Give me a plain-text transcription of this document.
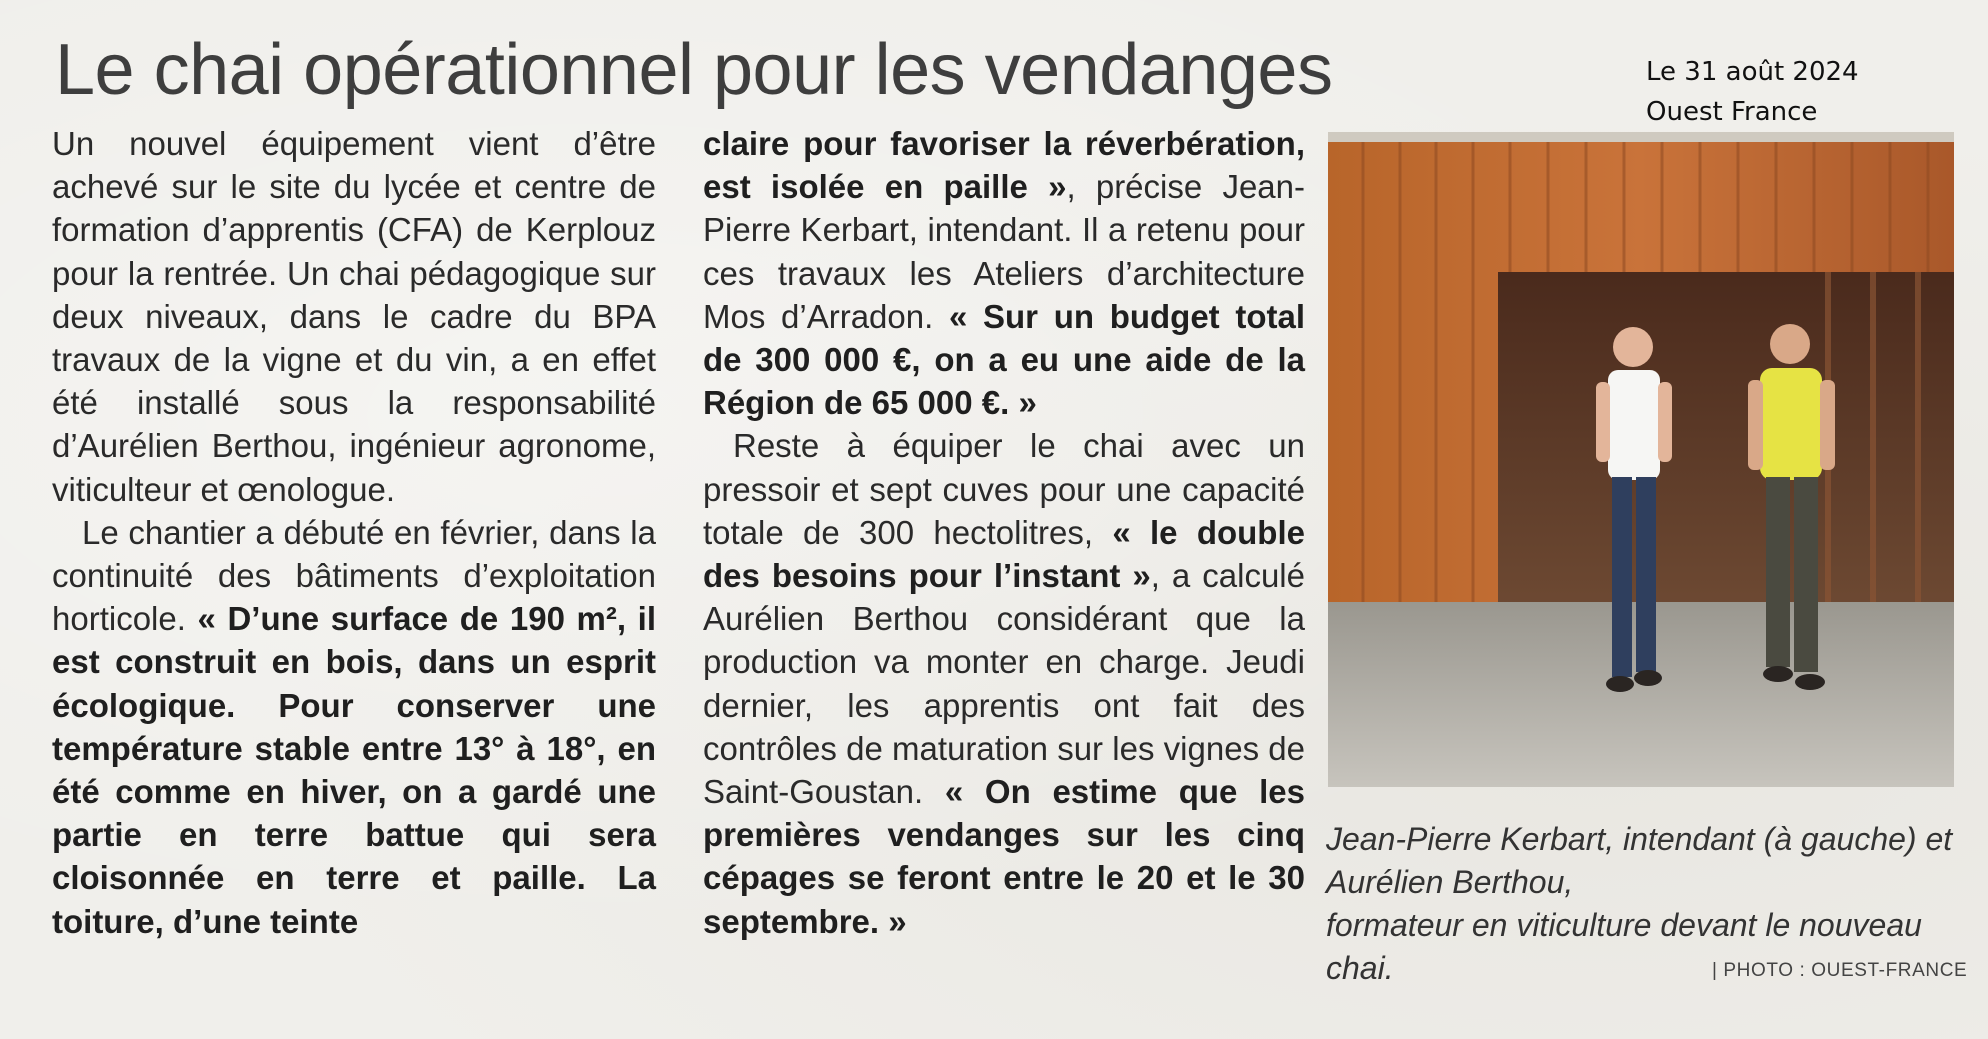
Le chai opérationnel pour les vendanges	Le 31 août 2024
Ouest France

Un nouvel équipement vient d’être achevé sur le site du lycée et centre de formation d’apprentis (CFA) de Kerplouz pour la rentrée. Un chai pédagogique sur deux niveaux, dans le cadre du BPA travaux de la vigne et du vin, a en effet été installé sous la responsabilité d’Aurélien Berthou, ingénieur agronome, viticulteur et œnologue.

Le chantier a débuté en février, dans la continuité des bâtiments d’exploitation horticole. « D’une surface de 190 m², il est construit en bois, dans un esprit écologique. Pour conserver une température stable entre 13° à 18°, en été comme en hiver, on a gardé une partie en terre battue qui sera cloisonnée en terre et paille. La toiture, d’une teinte

claire pour favoriser la réverbération, est isolée en paille », précise Jean-Pierre Kerbart, intendant. Il a retenu pour ces travaux les Ateliers d’architecture Mos d’Arradon. « Sur un budget total de 300 000 €, on a eu une aide de la Région de 65 000 €. »

Reste à équiper le chai avec un pressoir et sept cuves pour une capacité totale de 300 hectolitres, « le double des besoins pour l’instant », a calculé Aurélien Berthou considérant que la production va monter en charge. Jeudi dernier, les apprentis ont fait des contrôles de maturation sur les vignes de Saint-Goustan. « On estime que les premières vendanges sur les cinq cépages se feront entre le 20 et le 30 septembre. »

Jean-Pierre Kerbart, intendant (à gauche) et Aurélien Berthou,

formateur en viticulture devant le nouveau chai.	| PHOTO : OUEST-FRANCE
